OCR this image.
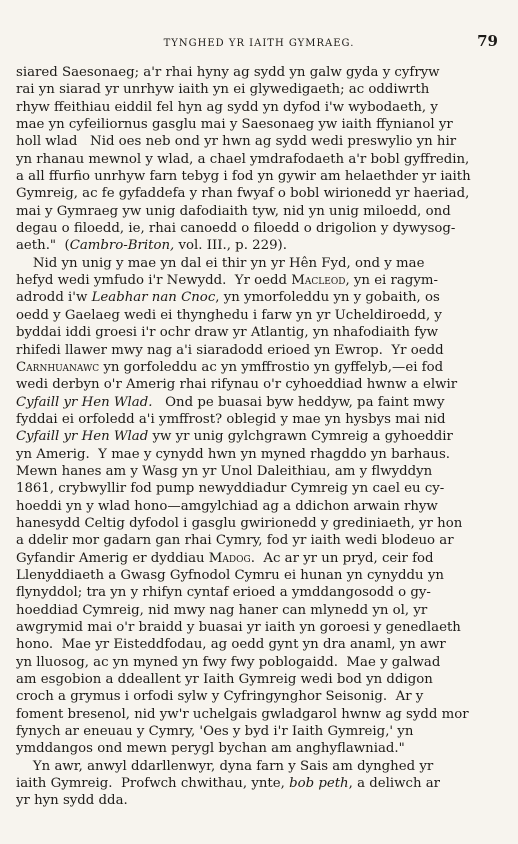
TYNGHED YR IAITH GYMRAEG.	79
siared Saesonaeg; a'r rhai hyny ag sydd yn galw gyda y cyfryw
rai yn siarad yr unrhyw iaith yn ei glywedigaeth; ac oddiwrth
rhyw ffeithiau eiddil fel hyn ag sydd yn dyfod i'w wybodaeth, y
mae yn cyfeiliornus gasglu mai y Saesonaeg yw iaith ffynianol yr
holl wlad   Nid oes neb ond yr hwn ag sydd wedi preswylio yn hir
yn rhanau mewnol y wlad, a chael ymdrafodaeth a'r bobl gyffredin,
a all ffurfio unrhyw farn tebyg i fod yn gywir am helaethder yr iaith
Gymreig, ac fe gyfaddefa y rhan fwyaf o bobl wirionedd yr haeriad,
mai y Gymraeg yw unig dafodiaith tyw, nid yn unig miloedd, ond
degau o filoedd, ie, rhai canoedd o filoedd o drigolion y dywysog-
aeth."  (Cambro-Briton, vol. III., p. 229).
Nid yn unig y mae yn dal ei thir yn yr Hên Fyd, ond y mae
hefyd wedi ymfudo i'r Newydd.  Yr oedd Macleod, yn ei ragym-
adrodd i'w Leabhar nan Cnoc, yn ymorfoleddu yn y gobaith, os
oedd y Gaelaeg wedi ei thynghedu i farw yn yr Ucheldiroedd, y
byddai iddi groesi i'r ochr draw yr Atlantig, yn nhafodiaith fyw
rhifedi llawer mwy nag a'i siaradodd erioed yn Ewrop.  Yr oedd
Carnhuanawc yn gorfoleddu ac yn ymffrostio yn gyffelyb,—ei fod
wedi derbyn o'r Amerig rhai rifynau o'r cyhoeddiad hwnw a elwir
Cyfaill yr Hen Wlad.   Ond pe buasai byw heddyw, pa faint mwy
fyddai ei orfoledd a'i ymffrost? oblegid y mae yn hysbys mai nid
Cyfaill yr Hen Wlad yw yr unig gylchgrawn Cymreig a gyhoeddir
yn Amerig.  Y mae y cynydd hwn yn myned rhagddo yn barhaus.
Mewn hanes am y Wasg yn yr Unol Daleithiau, am y flwyddyn
1861, crybwyllir fod pump newyddiadur Cymreig yn cael eu cy-
hoeddi yn y wlad hono—amgylchiad ag a ddichon arwain rhyw
hanesydd Celtig dyfodol i gasglu gwirionedd y grediniaeth, yr hon
a ddelir mor gadarn gan rhai Cymry, fod yr iaith wedi blodeuo ar
Gyfandir Amerig er dyddiau Madog.  Ac ar yr un pryd, ceir fod
Llenyddiaeth a Gwasg Gyfnodol Cymru ei hunan yn cynyddu yn
flynyddol; tra yn y rhifyn cyntaf erioed a ymddangosodd o gy-
hoeddiad Cymreig, nid mwy nag haner can mlynedd yn ol, yr
awgrymid mai o'r braidd y buasai yr iaith yn goroesi y genedlaeth
hono.  Mae yr Eisteddfodau, ag oedd gynt yn dra anaml, yn awr
yn lluosog, ac yn myned yn fwy fwy poblogaidd.  Mae y galwad
am esgobion a ddeallent yr Iaith Gymreig wedi bod yn ddigon
croch a grymus i orfodi sylw y Cyfringynghor Seisonig.  Ar y
foment bresenol, nid yw'r uchelgais gwladgarol hwnw ag sydd mor
fynych ar eneuau y Cymry, 'Oes y byd i'r Iaith Gymreig,' yn
ymddangos ond mewn perygl bychan am anghyflawniad."
Yn awr, anwyl ddarllenwyr, dyna farn y Sais am dynghed yr
iaith Gymreig.  Profwch chwithau, ynte, bob peth, a deliwch ar
yr hyn sydd dda.
